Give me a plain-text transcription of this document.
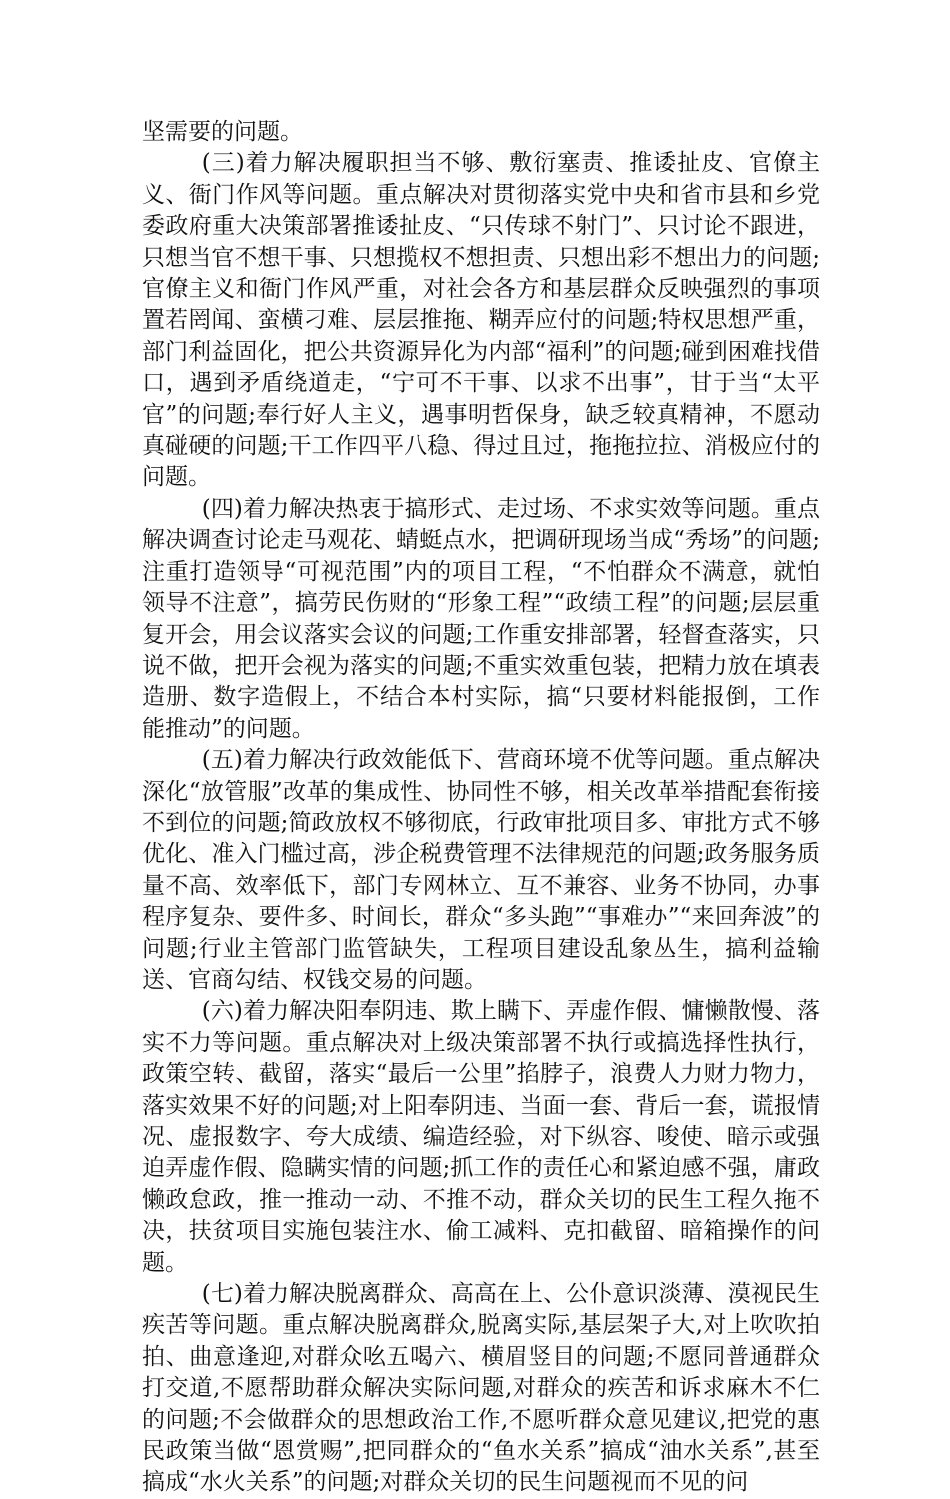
坚需要的问题。

(三)着力解决履职担当不够、敷衍塞责、推诿扯皮、官僚主义、衙门作风等问题。重点解决对贯彻落实党中央和省市县和乡党委政府重大决策部署推诿扯皮、“只传球不射门”、只讨论不跟进，只想当官不想干事、只想揽权不想担责、只想出彩不想出力的问题;官僚主义和衙门作风严重，对社会各方和基层群众反映强烈的事项置若罔闻、蛮横刁难、层层推拖、糊弄应付的问题;特权思想严重，部门利益固化，把公共资源异化为内部“福利”的问题;碰到困难找借口，遇到矛盾绕道走，“宁可不干事、以求不出事”，甘于当“太平官”的问题;奉行好人主义，遇事明哲保身，缺乏较真精神，不愿动真碰硬的问题;干工作四平八稳、得过且过，拖拖拉拉、消极应付的问题。

(四)着力解决热衷于搞形式、走过场、不求实效等问题。重点解决调查讨论走马观花、蜻蜓点水，把调研现场当成“秀场”的问题;注重打造领导“可视范围”内的项目工程，“不怕群众不满意，就怕领导不注意”，搞劳民伤财的“形象工程”“政绩工程”的问题;层层重复开会，用会议落实会议的问题;工作重安排部署，轻督查落实，只说不做，把开会视为落实的问题;不重实效重包装，把精力放在填表造册、数字造假上，不结合本村实际，搞“只要材料能报倒，工作能推动”的问题。

(五)着力解决行政效能低下、营商环境不优等问题。重点解决深化“放管服”改革的集成性、协同性不够，相关改革举措配套衔接不到位的问题;简政放权不够彻底，行政审批项目多、审批方式不够优化、准入门槛过高，涉企税费管理不法律规范的问题;政务服务质量不高、效率低下，部门专网林立、互不兼容、业务不协同，办事程序复杂、要件多、时间长，群众“多头跑”“事难办”“来回奔波”的问题;行业主管部门监管缺失，工程项目建设乱象丛生，搞利益输送、官商勾结、权钱交易的问题。

(六)着力解决阳奉阴违、欺上瞒下、弄虚作假、慵懒散慢、落实不力等问题。重点解决对上级决策部署不执行或搞选择性执行，政策空转、截留，落实“最后一公里”掐脖子，浪费人力财力物力，落实效果不好的问题;对上阳奉阴违、当面一套、背后一套，谎报情况、虚报数字、夸大成绩、编造经验，对下纵容、唆使、暗示或强迫弄虚作假、隐瞒实情的问题;抓工作的责任心和紧迫感不强，庸政懒政怠政，推一推动一动、不推不动，群众关切的民生工程久拖不决，扶贫项目实施包装注水、偷工减料、克扣截留、暗箱操作的问题。

(七)着力解决脱离群众、高高在上、公仆意识淡薄、漠视民生疾苦等问题。重点解决脱离群众,脱离实际,基层架子大,对上吹吹拍拍、曲意逢迎,对群众吆五喝六、横眉竖目的问题;不愿同普通群众打交道,不愿帮助群众解决实际问题,对群众的疾苦和诉求麻木不仁的问题;不会做群众的思想政治工作,不愿听群众意见建议,把党的惠民政策当做“恩赏赐”,把同群众的“鱼水关系”搞成“油水关系”,甚至搞成“水火关系”的问题;对群众关切的民生问题视而不见的问
